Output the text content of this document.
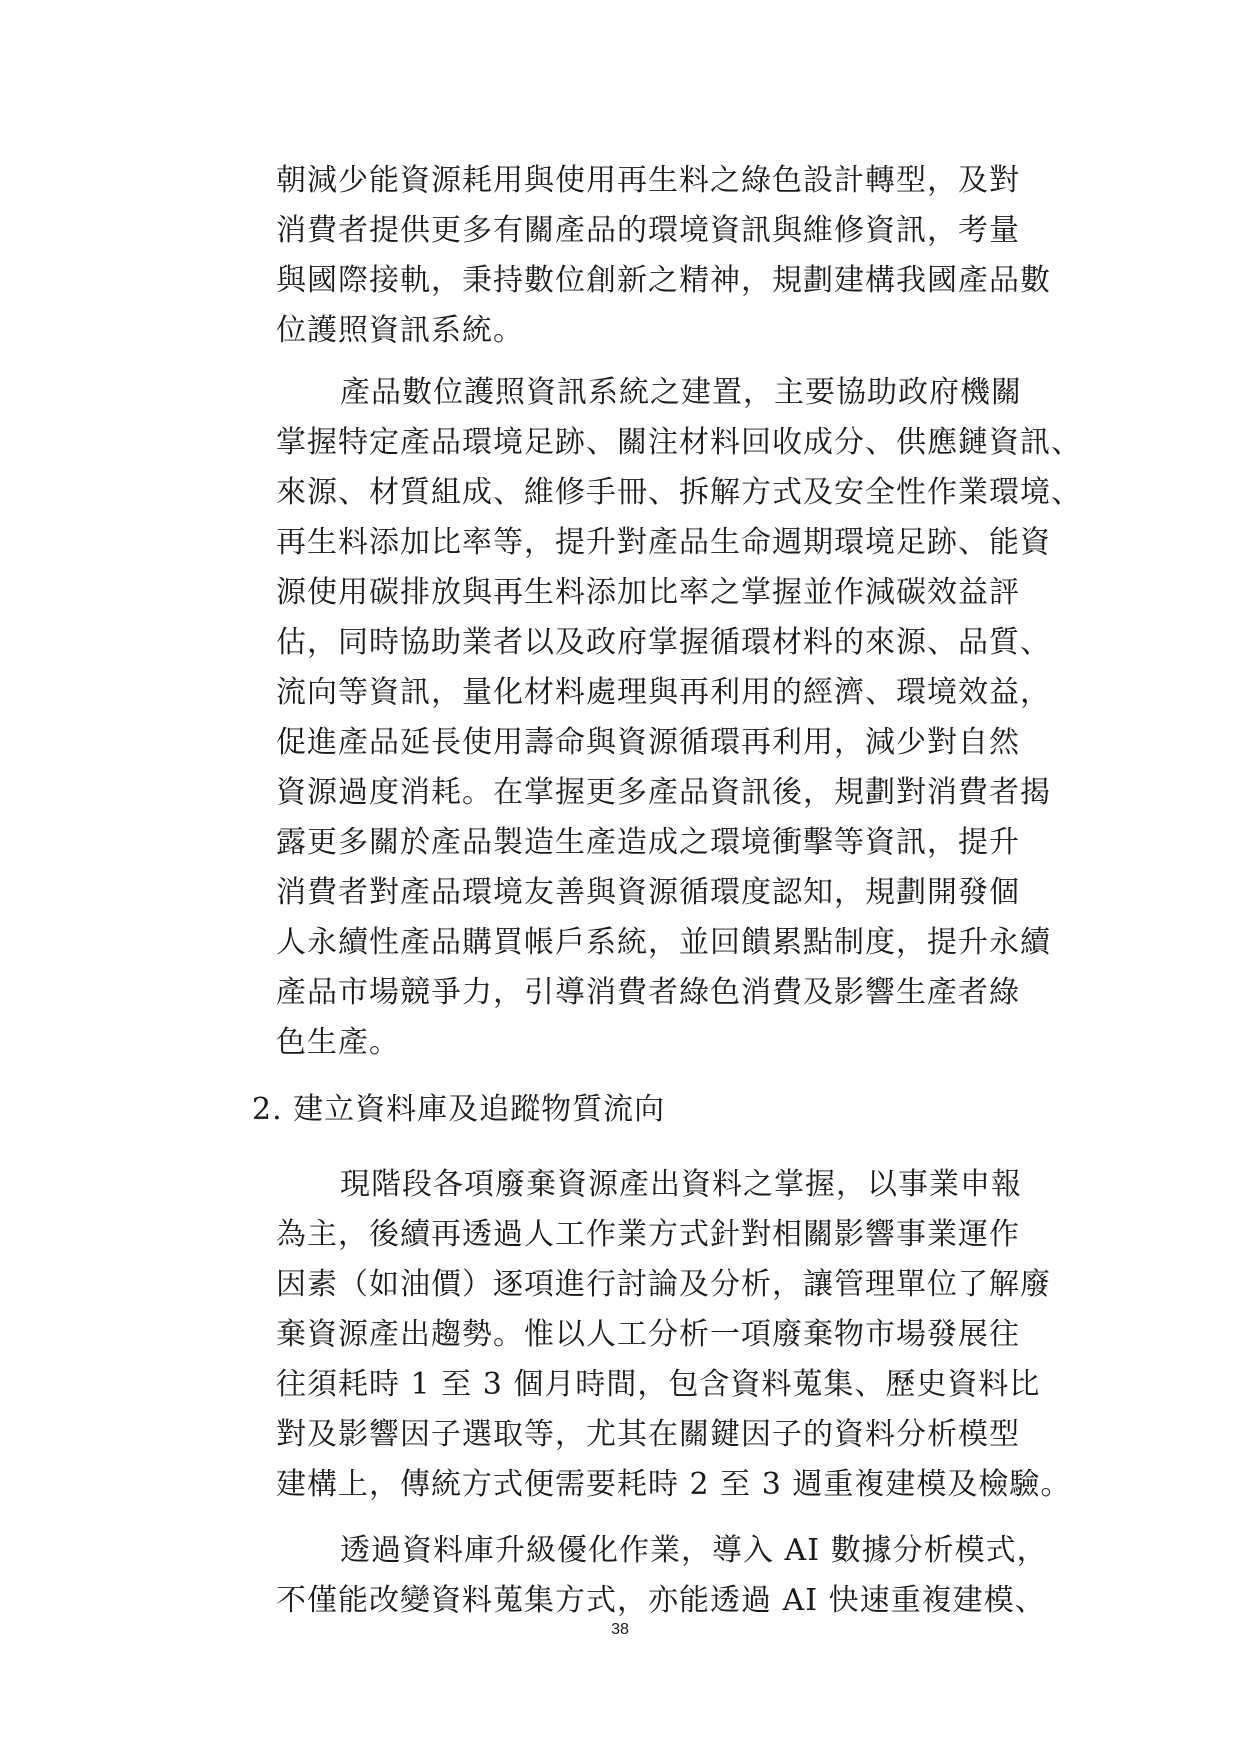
朝減少能資源耗用與使用再生料之綠色設計轉型，及對
消費者提供更多有關產品的環境資訊與維修資訊，考量
與國際接軌，秉持數位創新之精神，規劃建構我國產品數
位護照資訊系統。
產品數位護照資訊系統之建置，主要協助政府機關
掌握特定產品環境足跡、關注材料回收成分、供應鏈資訊、
來源、材質組成、維修手冊、拆解方式及安全性作業環境、
再生料添加比率等，提升對產品生命週期環境足跡、能資
源使用碳排放與再生料添加比率之掌握並作減碳效益評
估，同時協助業者以及政府掌握循環材料的來源、品質、
流向等資訊，量化材料處理與再利用的經濟、環境效益，
促進產品延長使用壽命與資源循環再利用，減少對自然
資源過度消耗。在掌握更多產品資訊後，規劃對消費者揭
露更多關於產品製造生產造成之環境衝擊等資訊，提升
消費者對產品環境友善與資源循環度認知，規劃開發個
人永續性產品購買帳戶系統，並回饋累點制度，提升永續
產品市場競爭力，引導消費者綠色消費及影響生產者綠
色生產。
2. 建立資料庫及追蹤物質流向
現階段各項廢棄資源產出資料之掌握，以事業申報
為主，後續再透過人工作業方式針對相關影響事業運作
因素（如油價）逐項進行討論及分析，讓管理單位了解廢
棄資源產出趨勢。惟以人工分析一項廢棄物市場發展往
往須耗時 1 至 3 個月時間，包含資料蒐集、歷史資料比
對及影響因子選取等，尤其在關鍵因子的資料分析模型
建構上，傳統方式便需要耗時 2 至 3 週重複建模及檢驗。
透過資料庫升級優化作業，導入 AI 數據分析模式，
不僅能改變資料蒐集方式，亦能透過 AI 快速重複建模、
38
